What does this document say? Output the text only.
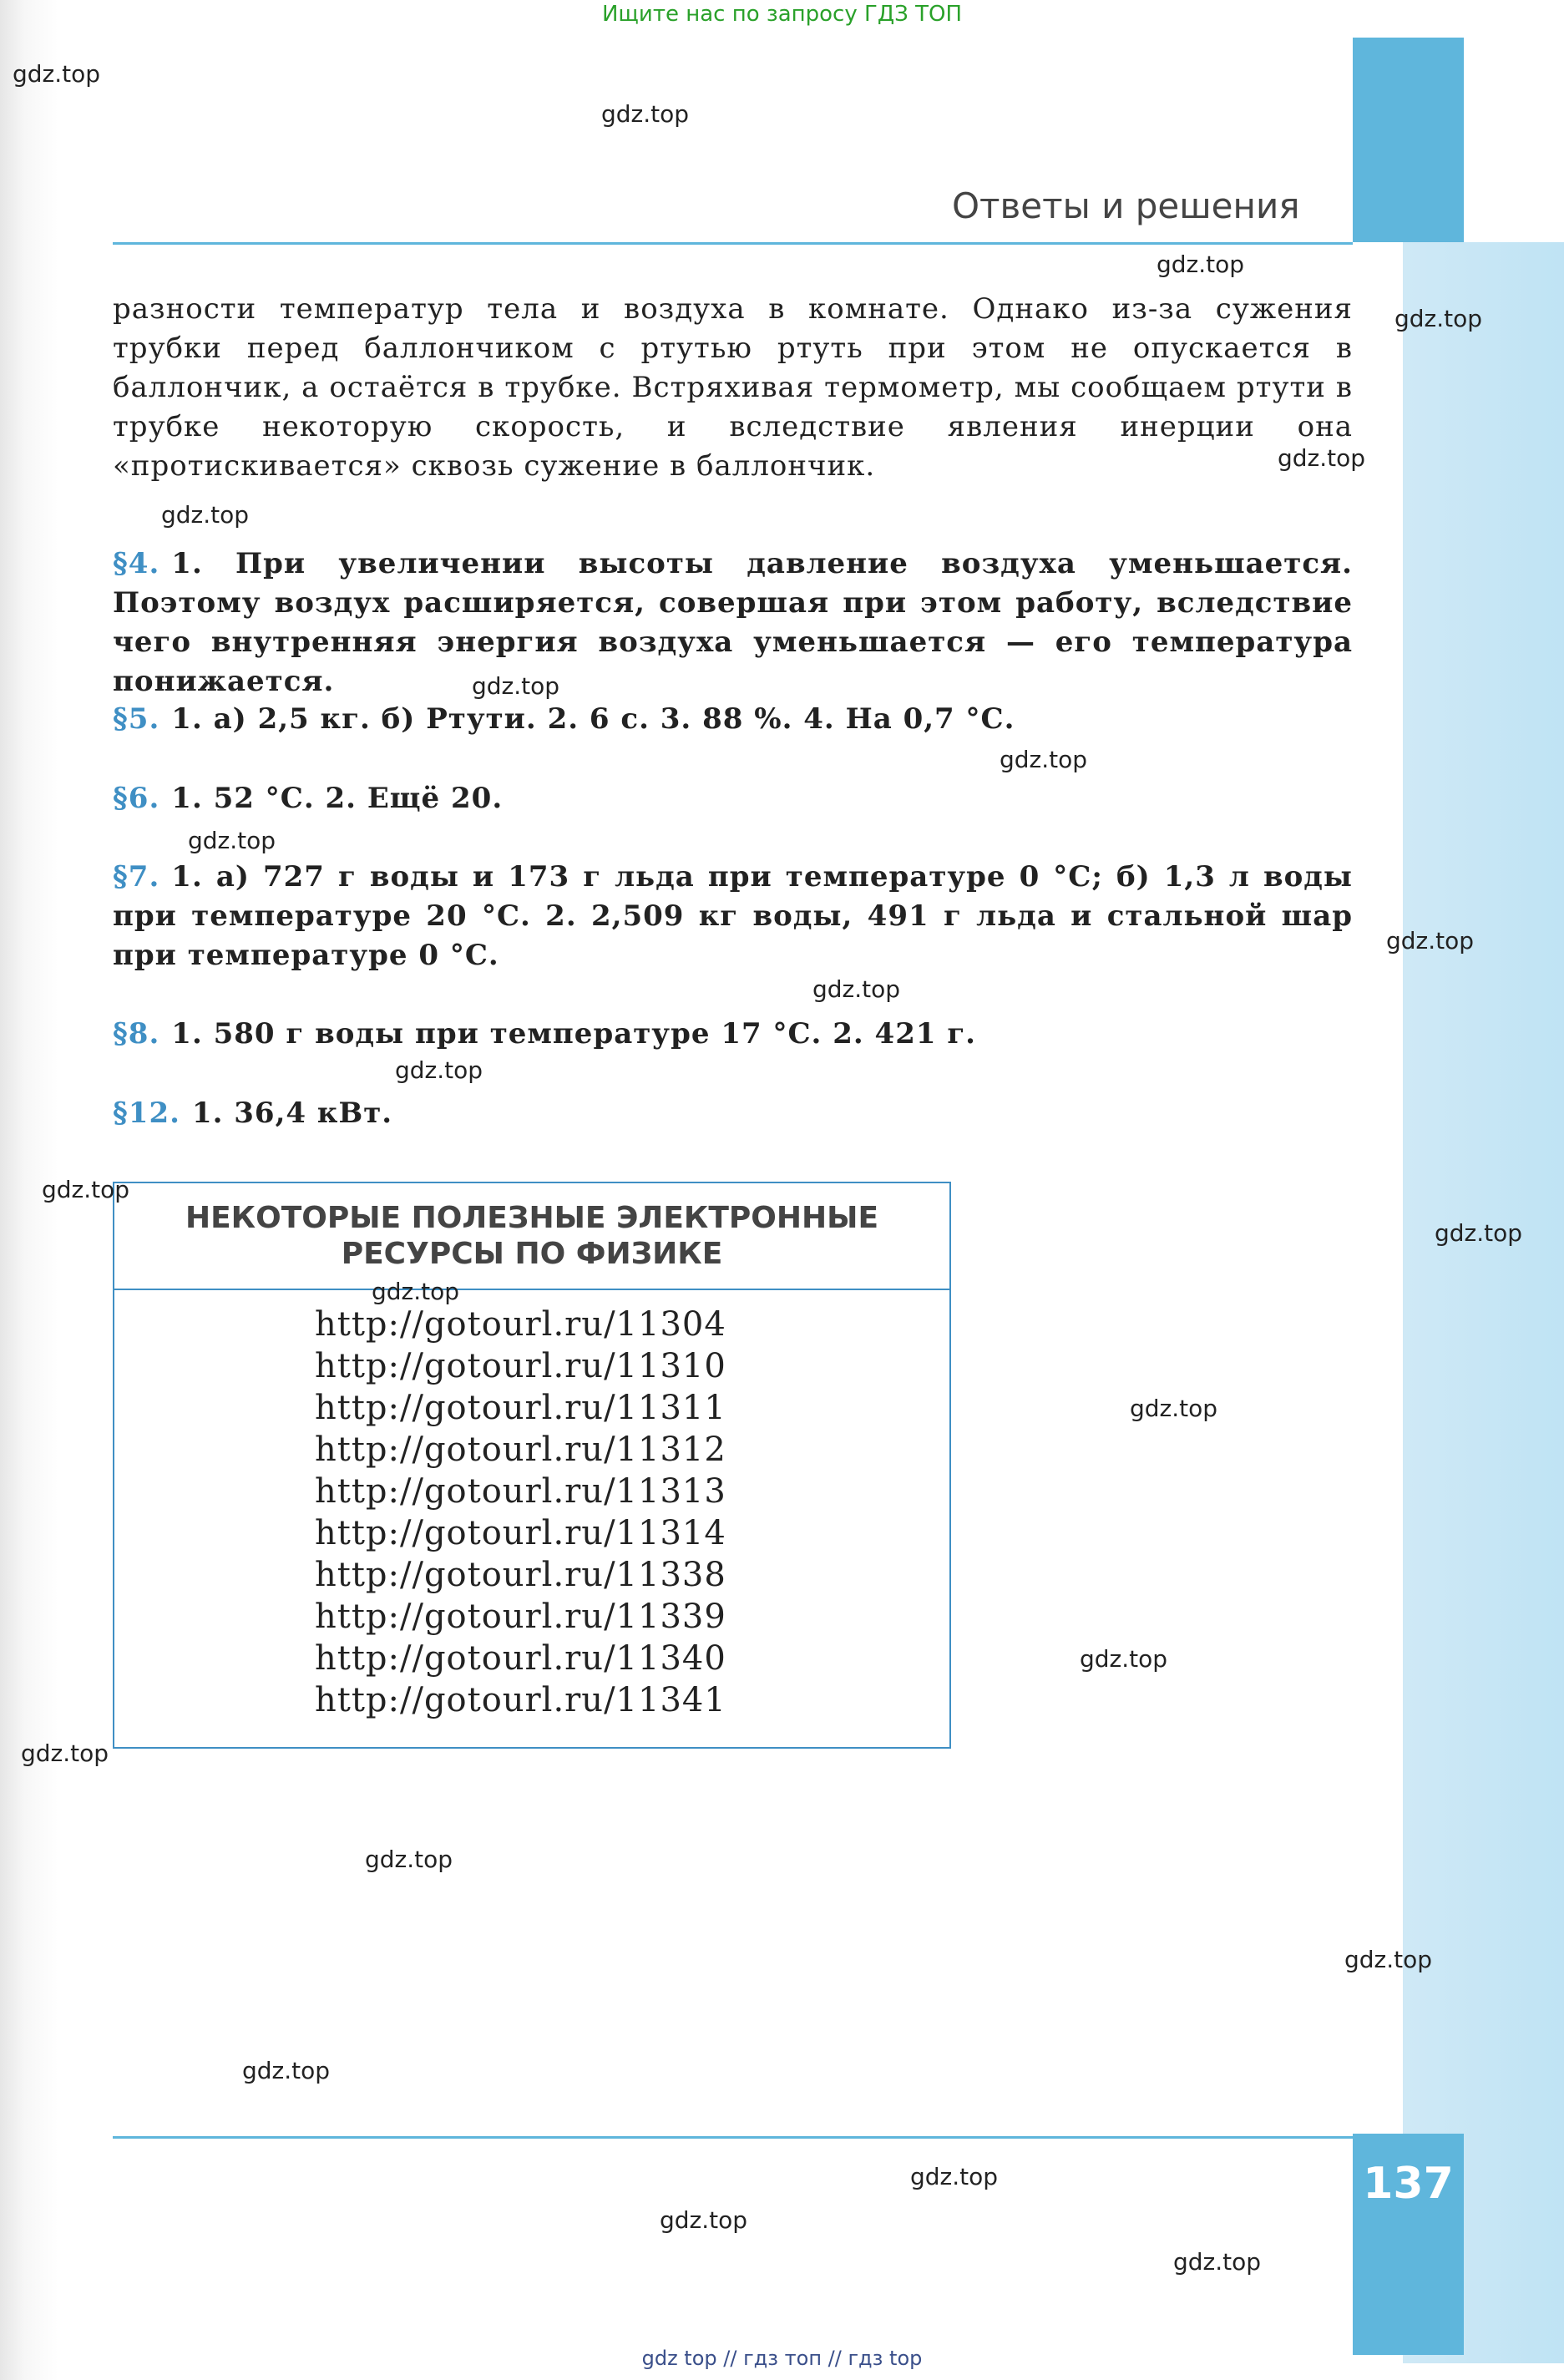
137
Ищите нас по запросу ГДЗ ТОП
Ответы и решения
разности температур тела и воздуха в комнате. Однако из-за сужения трубки перед баллончиком с ртутью ртуть при этом не опускается в баллончик, а остаётся в трубке. Встряхивая термометр, мы сообщаем ртути в трубке некоторую скорость, и вследствие явления инерции она «протискивается» сквозь сужение в баллончик.
§4. 1. При увеличении высоты давление воздуха уменьшается. Поэтому воздух расширяется, совершая при этом работу, вследствие чего внутренняя энергия воздуха уменьшается — его температура понижается.
§5. 1. а) 2,5 кг. б) Ртути. 2. 6 с. 3. 88 %. 4. На 0,7 °С.
§6. 1. 52 °С. 2. Ещё 20.
§7. 1. а) 727 г воды и 173 г льда при температуре 0 °С; б) 1,3 л воды при температуре 20 °С. 2. 2,509 кг воды, 491 г льда и стальной шар при температуре 0 °С.
§8. 1. 580 г воды при температуре 17 °С. 2. 421 г.
§12. 1. 36,4 кВт.
НЕКОТОРЫЕ ПОЛЕЗНЫЕ ЭЛЕКТРОННЫЕ
РЕСУРСЫ ПО ФИЗИКЕ
http://gotourl.ru/11304
http://gotourl.ru/11310
http://gotourl.ru/11311
http://gotourl.ru/11312
http://gotourl.ru/11313
http://gotourl.ru/11314
http://gotourl.ru/11338
http://gotourl.ru/11339
http://gotourl.ru/11340
http://gotourl.ru/11341
gdz.top
gdz.top
gdz.top
gdz.top
gdz.top
gdz.top
gdz.top
gdz.top
gdz.top
gdz.top
gdz.top
gdz.top
gdz.top
gdz.top
gdz.top
gdz.top
gdz.top
gdz.top
gdz.top
gdz.top
gdz.top
gdz.top
gdz.top
gdz.top
gdz top // гдз топ // гдз top
